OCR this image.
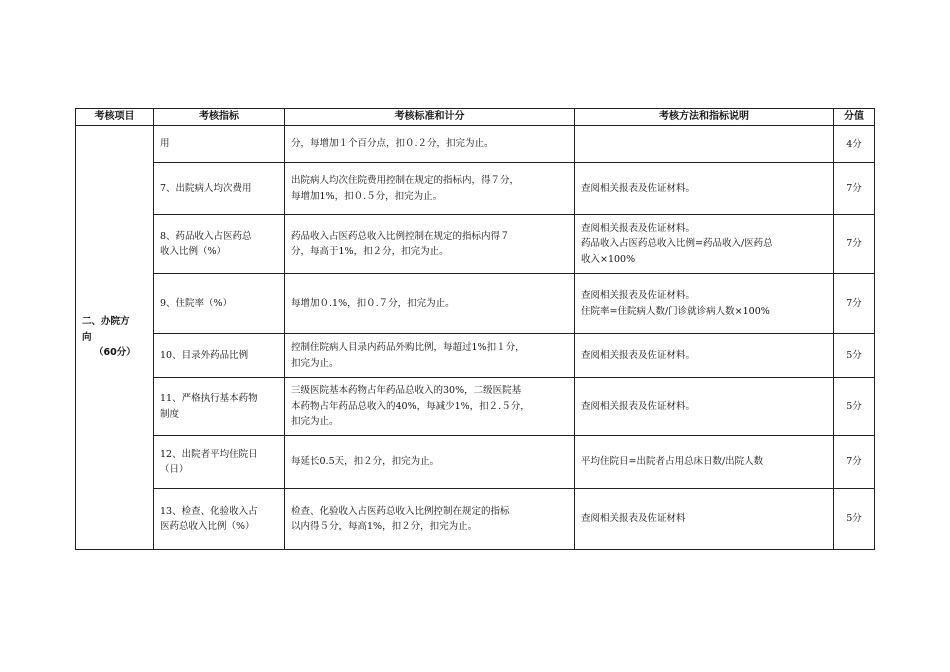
考核项目	考核指标	考核标准和计分	考核方法和指标说明	分值
二、办院方
向

（60分）	用	分，每增加１个百分点，扣０.２分，扣完为止。		4分

	7、出院病人均次费用	出院病人均次住院费用控制在规定的指标内，得７分，
每增加1%，扣０.５分，扣完为止。	查阅相关报表及佐证材料。	7分

	8、药品收入占医药总
收入比例（%）	药品收入占医药总收入比例控制在规定的指标内得７
分，每高于1%，扣２分，扣完为止。	查阅相关报表及佐证材料。
药品收入占医药总收入比例=药品收入/医药总
收入×100%	7分

	9、住院率（%）	每增加０.1%，扣０.７分，扣完为止。	查阅相关报表及佐证材料。
住院率=住院病人数/门诊就诊病人数×100%	7分

	10、目录外药品比例	控制住院病人目录内药品外购比例，每超过1%扣１分，
扣完为止。	查阅相关报表及佐证材料。	5分

	11、严格执行基本药物
制度	三级医院基本药物占年药品总收入的30%，二级医院基
本药物占年药品总收入的40%，每减少1%，扣２.５分，
扣完为止。	查阅相关报表及佐证材料。	5分

	12、出院者平均住院日
（日）	每延长0.5天，扣２分，扣完为止。	平均住院日=出院者占用总床日数/出院人数	7分

	13、检查、化验收入占
医药总收入比例（%）	检查、化验收入占医药总收入比例控制在规定的指标
以内得５分，每高1%，扣２分，扣完为止。	查阅相关报表及佐证材料	5分
